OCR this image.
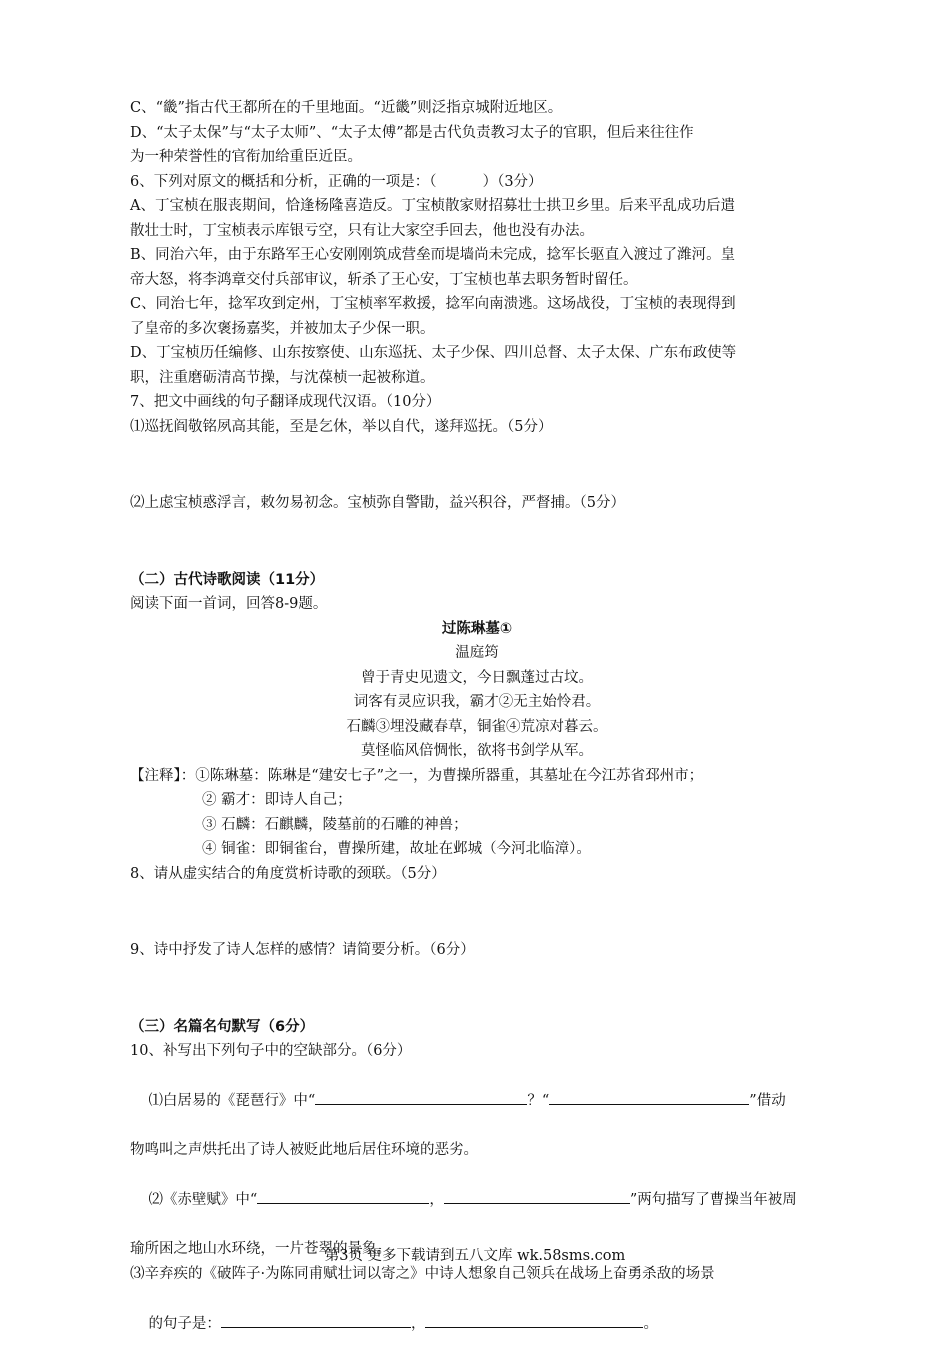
C、“畿”指古代王都所在的千里地面。“近畿”则泛指京城附近地区。
D、“太子太保”与“太子太师”、“太子太傅”都是古代负责教习太子的官职，但后来往往作
为一种荣誉性的官衔加给重臣近臣。
6、下列对原文的概括和分析，正确的一项是：（          ）（3分）
A、丁宝桢在服丧期间，恰逢杨隆喜造反。丁宝桢散家财招募壮士拱卫乡里。后来平乱成功后遣
散壮士时，丁宝桢表示库银亏空，只有让大家空手回去，他也没有办法。
B、同治六年，由于东路军王心安刚刚筑成营垒而堤墙尚未完成，捻军长驱直入渡过了潍河。皇
帝大怒，将李鸿章交付兵部审议，斩杀了王心安，丁宝桢也革去职务暂时留任。
C、同治七年，捻军攻到定州，丁宝桢率军救援，捻军向南溃逃。这场战役，丁宝桢的表现得到
了皇帝的多次褒扬嘉奖，并被加太子少保一职。
D、丁宝桢历任编修、山东按察使、山东巡抚、太子少保、四川总督、太子太保、广东布政使等
职，注重磨砺清高节操，与沈葆桢一起被称道。
7、把文中画线的句子翻译成现代汉语。（10分）
⑴巡抚阎敬铭夙高其能，至是乞休，举以自代，遂拜巡抚。（5分）
⑵上虑宝桢惑浮言，敕勿易初念。宝桢弥自警勖，益兴积谷，严督捕。（5分）
（二）古代诗歌阅读（11分）
阅读下面一首词，回答8-9题。
过陈琳墓①
温庭筠
曾于青史见遗文，今日飘蓬过古坟。
词客有灵应识我，霸才②无主始怜君。
石麟③埋没藏春草，铜雀④荒凉对暮云。
莫怪临风倍惆怅，欲将书剑学从军。
【注释】：①陈琳墓：陈琳是“建安七子”之一，为曹操所器重，其墓址在今江苏省邳州市；
② 霸才：即诗人自己；
③ 石麟：石麒麟，陵墓前的石雕的神兽；
④ 铜雀：即铜雀台，曹操所建，故址在邺城（今河北临漳）。
8、请从虚实结合的角度赏析诗歌的颈联。（5分）
9、诗中抒发了诗人怎样的感情？请简要分析。（6分）
（三）名篇名句默写（6分）
10、补写出下列句子中的空缺部分。（6分）

⑴白居易的《琵琶行》中“	？“	”借动

物鸣叫之声烘托出了诗人被贬此地后居住环境的恶劣。

⑵《赤壁赋》中“	，	”两句描写了曹操当年被周

瑜所困之地山水环绕，一片苍翠的景象。
⑶辛弃疾的《破阵子·为陈同甫赋壮词以寄之》中诗人想象自己领兵在战场上奋勇杀敌的场景

的句子是：	，	。

第3页 更多下载请到五八文库 wk.58sms.com
